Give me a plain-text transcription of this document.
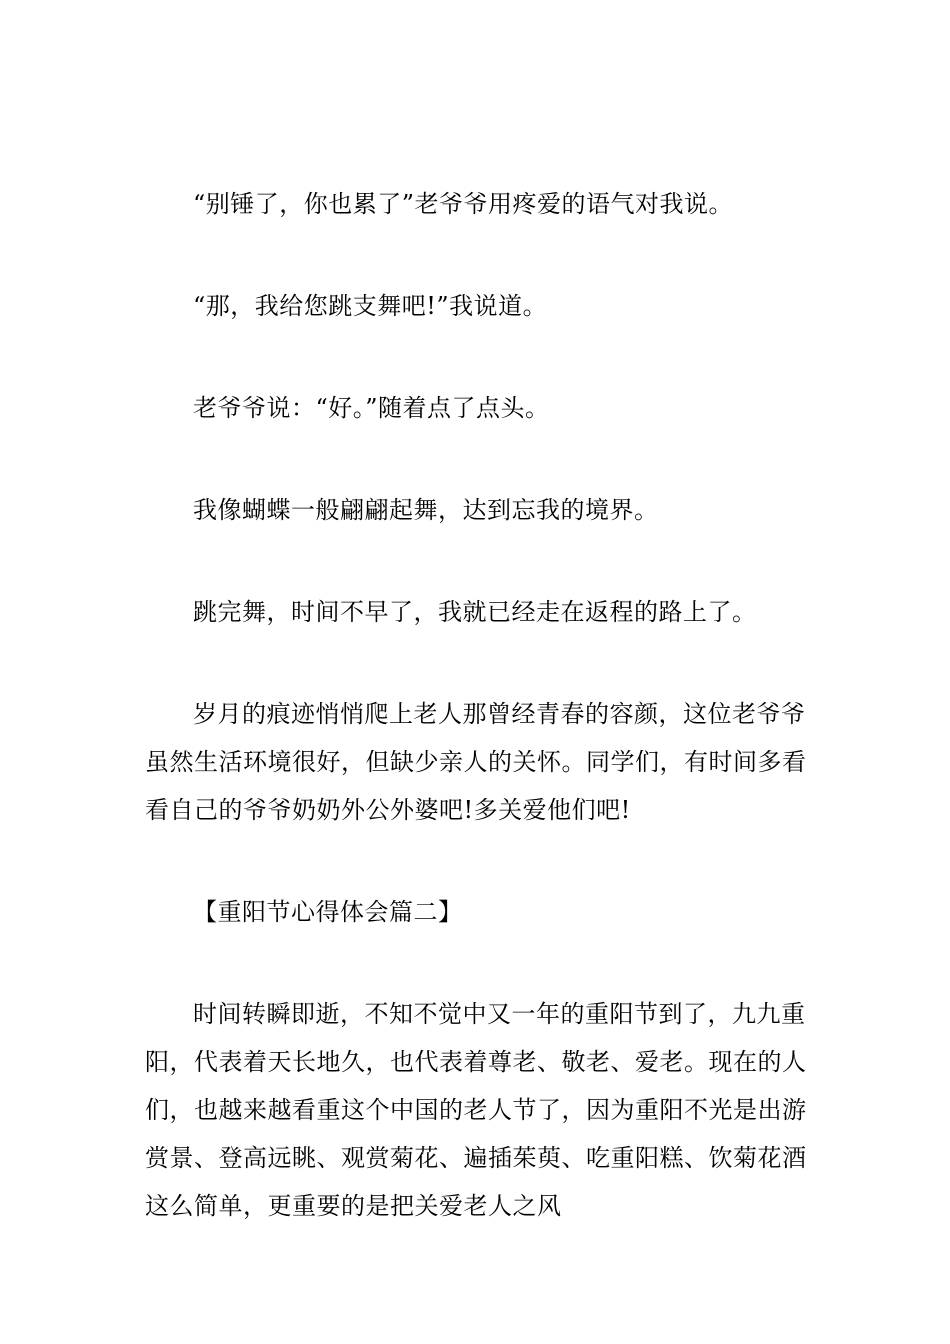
“别锤了，你也累了”老爷爷用疼爱的语气对我说。

“那，我给您跳支舞吧!”我说道。

老爷爷说：“好。”随着点了点头。

我像蝴蝶一般翩翩起舞，达到忘我的境界。

跳完舞，时间不早了，我就已经走在返程的路上了。

岁月的痕迹悄悄爬上老人那曾经青春的容颜，这位老爷爷虽然生活环境很好，但缺少亲人的关怀。同学们，有时间多看看自己的爷爷奶奶外公外婆吧!多关爱他们吧!

【重阳节心得体会篇二】

时间转瞬即逝，不知不觉中又一年的重阳节到了，九九重阳，代表着天长地久，也代表着尊老、敬老、爱老。现在的人们，也越来越看重这个中国的老人节了，因为重阳不光是出游赏景、登高远眺、观赏菊花、遍插茱萸、吃重阳糕、饮菊花酒这么简单，更重要的是把关爱老人之风
